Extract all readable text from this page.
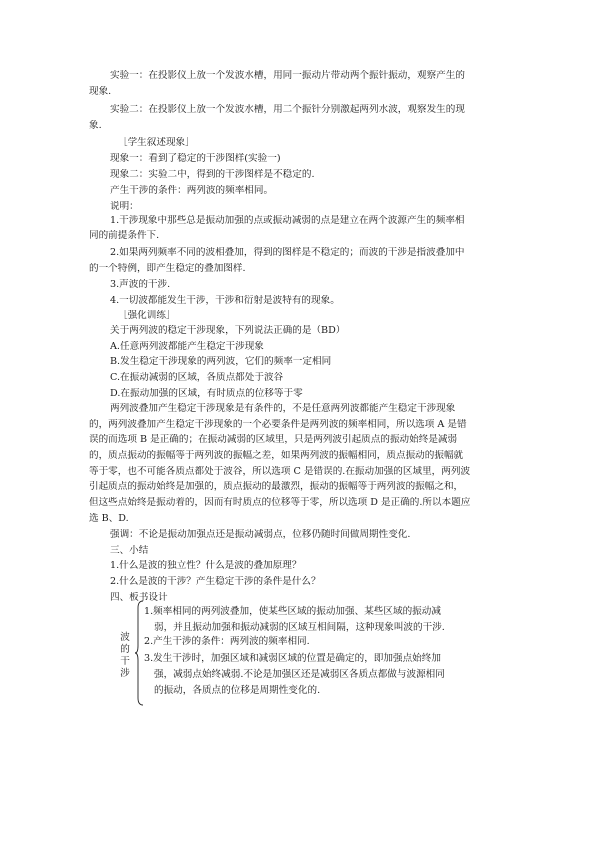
实验一：在投影仪上放一个发波水槽，用同一振动片带动两个振针振动，观察产生的
现象.
实验二：在投影仪上放一个发波水槽，用二个振针分别激起两列水波，观察发生的现
象.
［学生叙述现象］
现象一：看到了稳定的干涉图样(实验一)
现象二：实验二中，得到的干涉图样是不稳定的.
产生干涉的条件：两列波的频率相同。
说明：
1.干涉现象中那些总是振动加强的点或振动减弱的点是建立在两个波源产生的频率相
同的前提条件下.
2.如果两列频率不同的波相叠加，得到的图样是不稳定的；而波的干涉是指波叠加中
的一个特例，即产生稳定的叠加图样.
3.声波的干涉.
4.一切波都能发生干涉，干涉和衍射是波特有的现象。
［强化训练］
关于两列波的稳定干涉现象，下列说法正确的是（BD）
A.任意两列波都能产生稳定干涉现象
B.发生稳定干涉现象的两列波，它们的频率一定相同
C.在振动减弱的区域，各质点都处于波谷
D.在振动加强的区域，有时质点的位移等于零
两列波叠加产生稳定干涉现象是有条件的，不是任意两列波都能产生稳定干涉现象
的，两列波叠加产生稳定干涉现象的一个必要条件是两列波的频率相同，所以选项 A 是错
误的而选项 B 是正确的；在振动减弱的区域里，只是两列波引起质点的振动始终是减弱
的，质点振动的振幅等于两列波的振幅之差，如果两列波的振幅相同，质点振动的振幅就
等于零，也不可能各质点都处于波谷，所以选项 C 是错误的.在振动加强的区域里，两列波
引起质点的振动始终是加强的，质点振动的最激烈，振动的振幅等于两列波的振幅之和，
但这些点始终是振动着的，因而有时质点的位移等于零，所以选项 D 是正确的.所以本题应
选 B、D.
强调：不论是振动加强点还是振动减弱点，位移仍随时间做周期性变化.
三、小结
1.什么是波的独立性？什么是波的叠加原理？
2.什么是波的干涉？产生稳定干涉的条件是什么？
四、板书设计
波
的
干
涉
1.频率相同的两列波叠加，使某些区域的振动加强、某些区域的振动减
弱，并且振动加强和振动减弱的区域互相间隔，这种现象叫波的干涉.
2.产生干涉的条件：两列波的频率相同.
3.发生干涉时，加强区域和减弱区域的位置是确定的，即加强点始终加
强，减弱点始终减弱.不论是加强区还是减弱区各质点都做与波源相同
的振动，各质点的位移是周期性变化的.
